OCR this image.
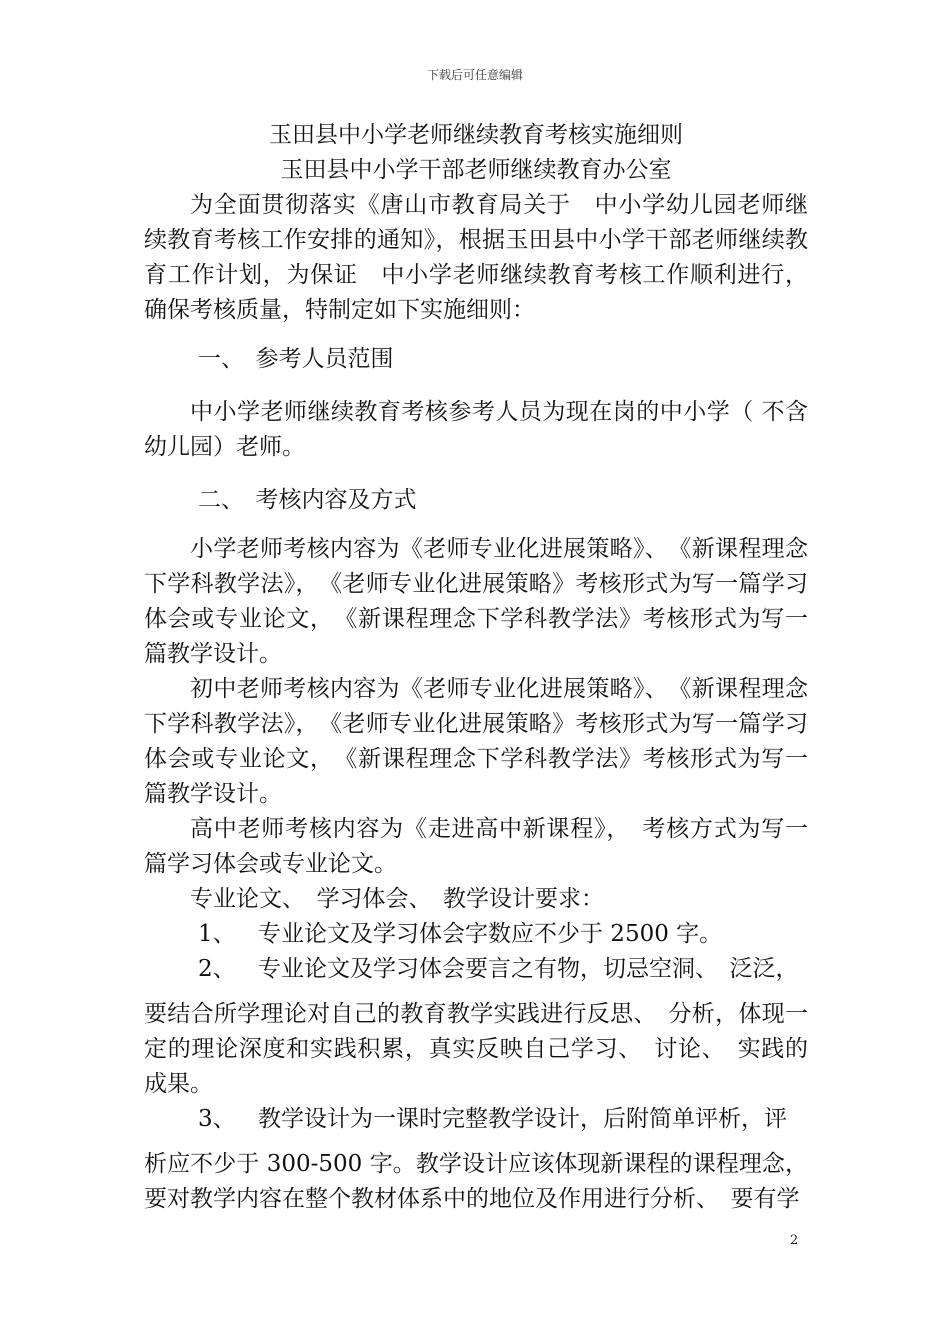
下载后可任意编辑

玉田县中小学老师继续教育考核实施细则

玉田县中小学干部老师继续教育办公室

为全面贯彻落实《唐山市教育局关于　中小学幼儿园老师继续教育考核工作安排的通知》，根据玉田县中小学干部老师继续教育工作计划，为保证　中小学老师继续教育考核工作顺利进行，确保考核质量，特制定如下实施细则：

一、　参考人员范围

中小学老师继续教育考核参考人员为现在岗的中小学（ 不含幼儿园）老师。

二、　考核内容及方式

小学老师考核内容为《老师专业化进展策略》、　《新课程理念下学科教学法》，　《老师专业化进展策略》考核形式为写一篇学习体会或专业论文，　《新课程理念下学科教学法》考核形式为写一篇教学设计。

初中老师考核内容为《老师专业化进展策略》、　《新课程理念下学科教学法》，　《老师专业化进展策略》考核形式为写一篇学习体会或专业论文，　《新课程理念下学科教学法》考核形式为写一篇教学设计。

高中老师考核内容为《走进高中新课程》，　考核方式为写一篇学习体会或专业论文。

专业论文、　学习体会、　教学设计要求：

1、 专业论文及学习体会字数应不少于 2500 字。

2、 专业论文及学习体会要言之有物，切忌空洞、　泛泛，

要结合所学理论对自己的教育教学实践进行反思、　分析，体现一定的理论深度和实践积累，真实反映自己学习、　讨论、　实践的成果。

3、 教学设计为一课时完整教学设计，后附简单评析，评

析应不少于 300-500 字。教学设计应该体现新课程的课程理念，要对教学内容在整个教材体系中的地位及作用进行分析、　要有学

2
